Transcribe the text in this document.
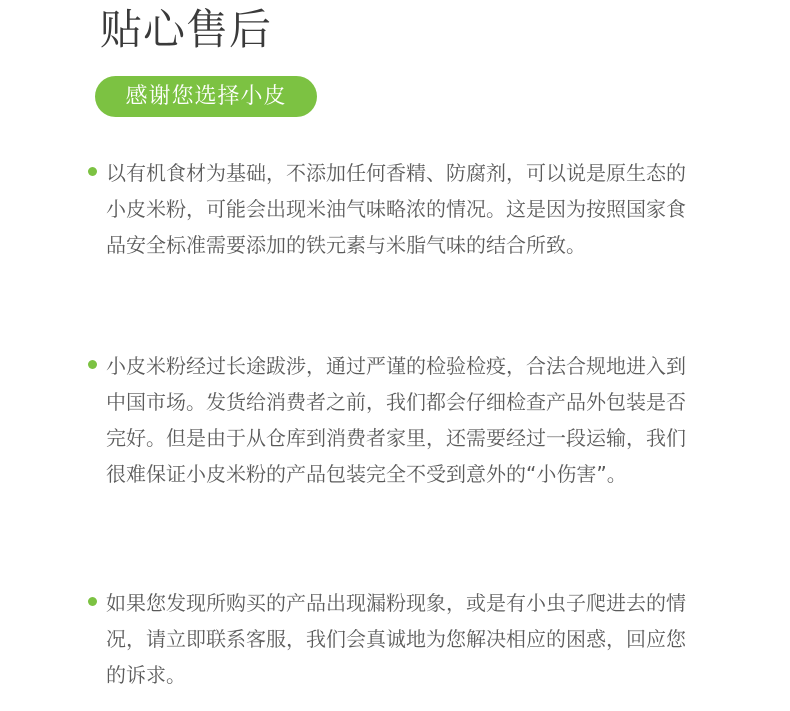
贴心售后
感谢您选择小皮

以有机食材为基础，不添加任何香精、防腐剂，可以说是原生态的小皮米粉，可能会出现米油气味略浓的情况。这是因为按照国家食品安全标准需要添加的铁元素与米脂气味的结合所致。

小皮米粉经过长途跋涉，通过严谨的检验检疫，合法合规地进入到中国市场。发货给消费者之前，我们都会仔细检查产品外包装是否完好。但是由于从仓库到消费者家里，还需要经过一段运输，我们很难保证小皮米粉的产品包装完全不受到意外的“小伤害”。

如果您发现所购买的产品出现漏粉现象，或是有小虫子爬进去的情况，请立即联系客服，我们会真诚地为您解决相应的困惑，回应您的诉求。
